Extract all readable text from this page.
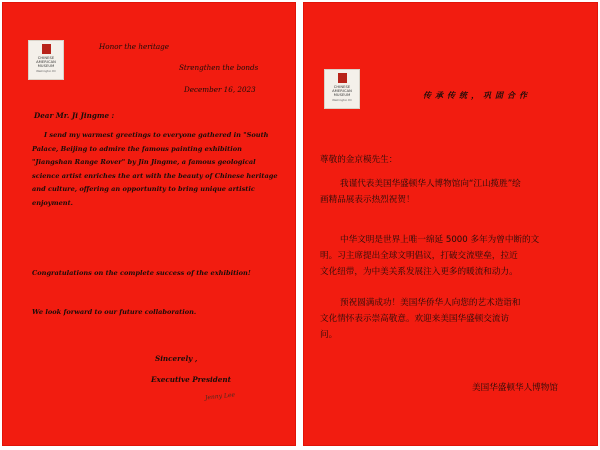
CHINESE
AMERICAN
MUSEUM
Washington DC
Honor the heritage
Strengthen the bonds
December 16, 2023
Dear Mr. Ji Jingme :
I send my warmest greetings to everyone gathered in "South
Palace, Beijing to admire the famous painting exhibition
"Jiangshan Range Rover" by Jin Jingme, a famous geological
science artist enriches the art with the beauty of Chinese heritage
and culture, offering an opportunity to bring unique artistic
enjoyment.
Congratulations on the complete success of the exhibition!
We look forward to our future collaboration.
Sincerely ,
Executive President
Jenny Lee
CHINESE
AMERICAN
MUSEUM
Washington DC
传承传统，巩固合作
尊敬的金京模先生：
我谨代表美国华盛顿华人博物馆向“江山揽胜”绘
画精品展表示热烈祝贺！
中华文明是世界上唯一绵延 5000 多年为曾中断的文
明。习主席提出全球文明倡议，打破交流壁垒，拉近
文化纽带，为中美关系发展注入更多的暖流和动力。
预祝圆满成功！美国华侨华人向您的艺术造诣和
文化情怀表示崇高敬意。欢迎来美国华盛顿交流访
问。
美国华盛顿华人博物馆
